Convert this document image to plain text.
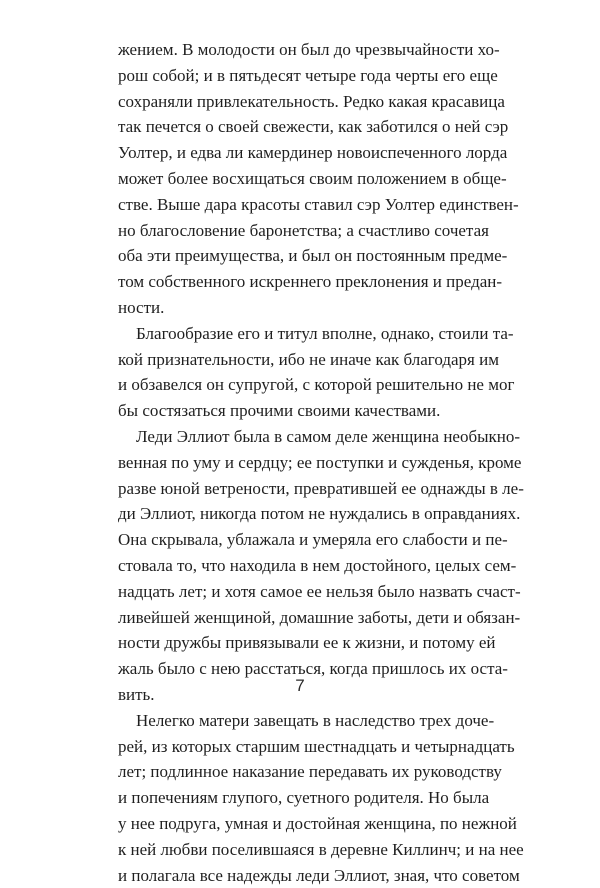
жением. В молодости он был до чрезвычайности хо-
рош собой; и в пятьдесят четыре года черты его еще
сохраняли привлекательность. Редко какая красавица
так печется о своей свежести, как заботился о ней сэр
Уолтер, и едва ли камердинер новоиспеченного лорда
может более восхищаться своим положением в обще-
стве. Выше дара красоты ставил сэр Уолтер единствен-
но благословение баронетства; а счастливо сочетая
оба эти преимущества, и был он постоянным предме-
том собственного искреннего преклонения и предан-
ности.
Благообразие его и титул вполне, однако, стоили та-
кой признательности, ибо не иначе как благодаря им
и обзавелся он супругой, с которой решительно не мог
бы состязаться прочими своими качествами.
Леди Эллиот была в самом деле женщина необыкно-
венная по уму и сердцу; ее поступки и сужденья, кроме
разве юной ветрености, превратившей ее однажды в ле-
ди Эллиот, никогда потом не нуждались в оправданиях.
Она скрывала, ублажала и умеряла его слабости и пе-
стовала то, что находила в нем достойного, целых сем-
надцать лет; и хотя самое ее нельзя было назвать счаст-
ливейшей женщиной, домашние заботы, дети и обязан-
ности дружбы привязывали ее к жизни, и потому ей
жаль было с нею расстаться, когда пришлось их оста-
вить.
Нелегко матери завещать в наследство трех доче-
рей, из которых старшим шестнадцать и четырнадцать
лет; подлинное наказание передавать их руководству
и попечениям глупого, суетного родителя. Но была
у нее подруга, умная и достойная женщина, по нежной
к ней любви поселившаяся в деревне Киллинч; и на нее
и полагала все надежды леди Эллиот, зная, что советом
7
